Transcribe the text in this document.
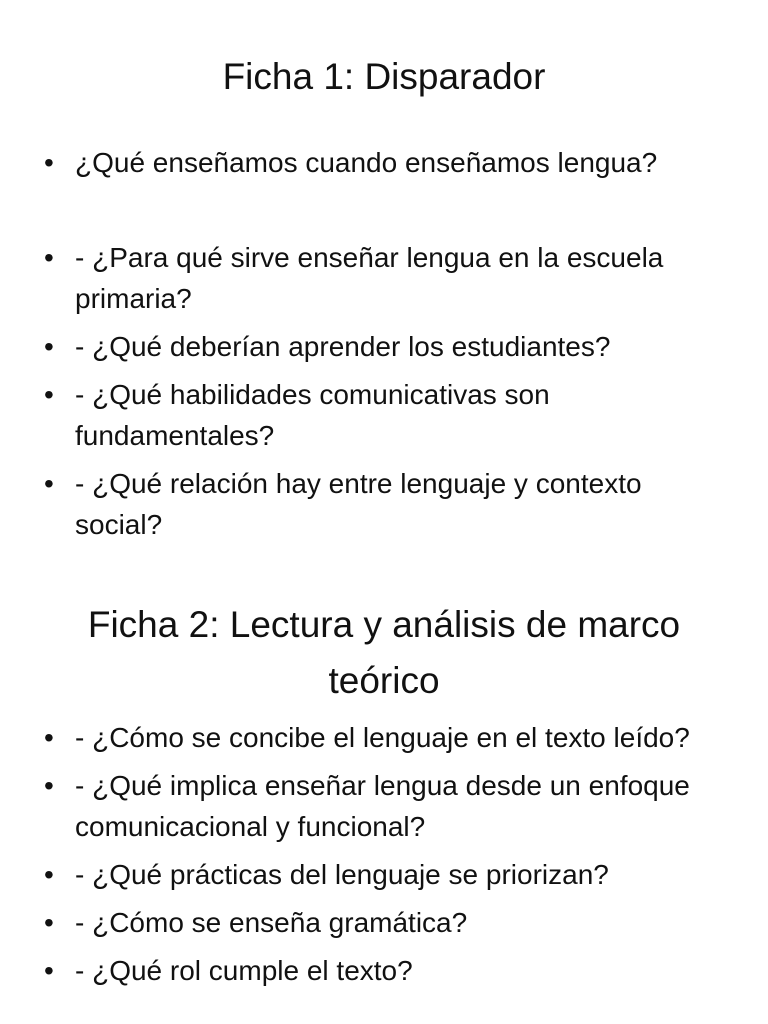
Ficha 1: Disparador
• ¿Qué enseñamos cuando enseñamos lengua?
• - ¿Para qué sirve enseñar lengua en la escuela primaria?
• - ¿Qué deberían aprender los estudiantes?
• - ¿Qué habilidades comunicativas son fundamentales?
• - ¿Qué relación hay entre lenguaje y contexto social?
Ficha 2: Lectura y análisis de marco teórico
• - ¿Cómo se concibe el lenguaje en el texto leído?
• - ¿Qué implica enseñar lengua desde un enfoque comunicacional y funcional?
• - ¿Qué prácticas del lenguaje se priorizan?
• - ¿Cómo se enseña gramática?
• - ¿Qué rol cumple el texto?
